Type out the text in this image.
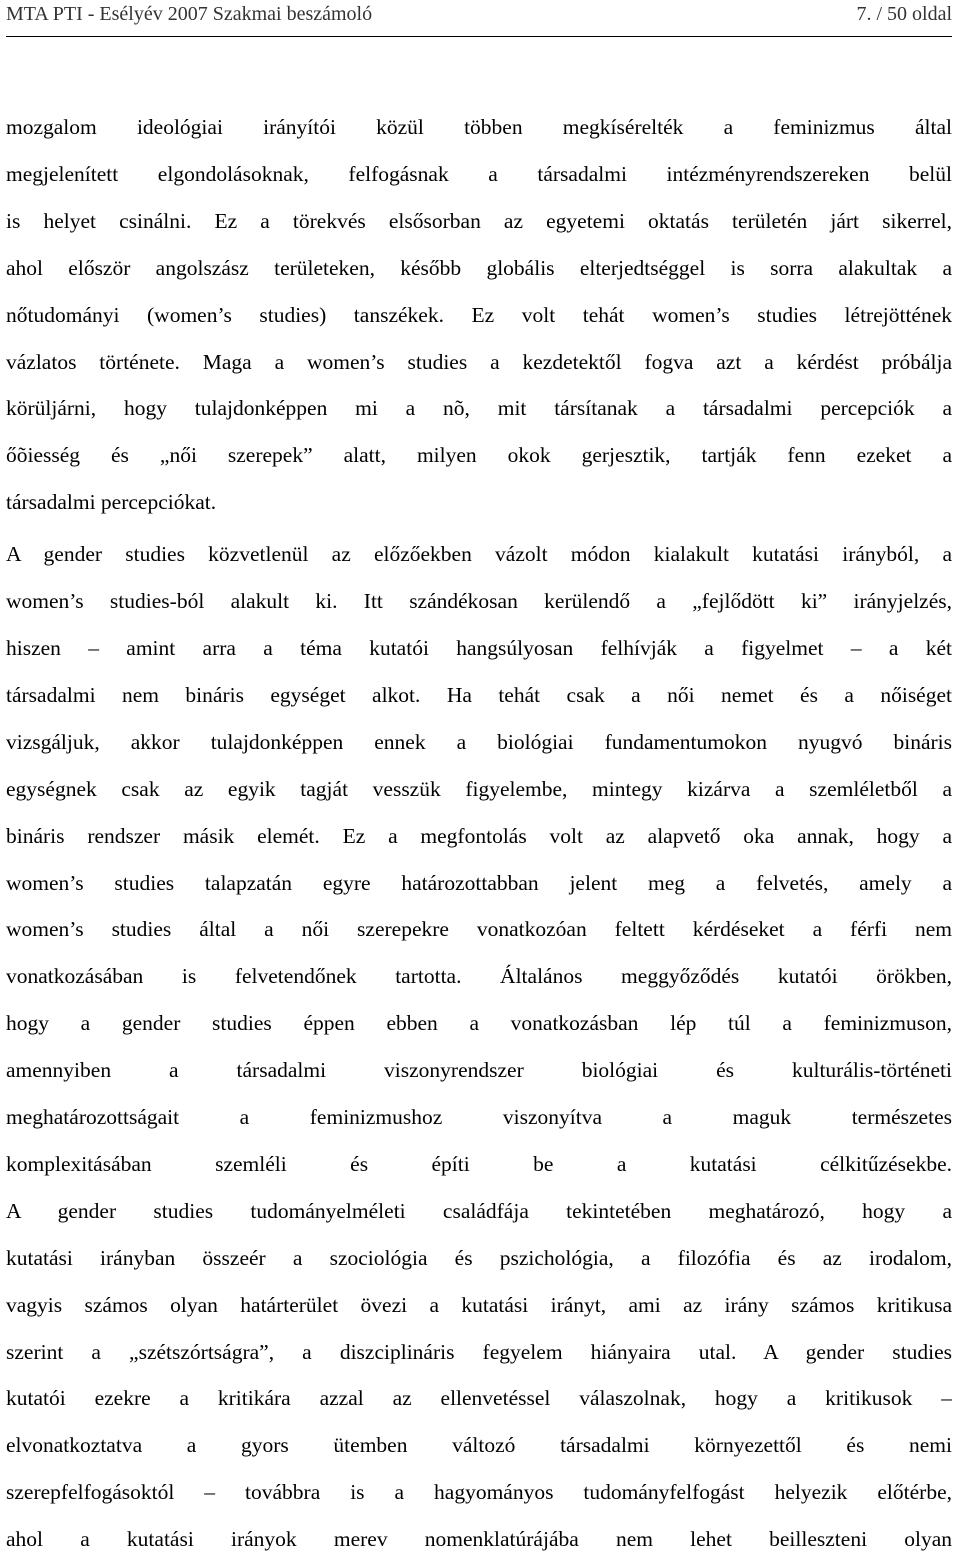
MTA PTI - Esélyév 2007 Szakmai beszámoló	7. / 50 oldal
mozgalom ideológiai irányítói közül többen megkísérelték a feminizmus által
megjelenített elgondolásoknak, felfogásnak a társadalmi intézményrendszereken belül
is helyet csinálni. Ez a törekvés elsősorban az egyetemi oktatás területén járt sikerrel,
ahol először angolszász területeken, később globális elterjedtséggel is sorra alakultak a
nőtudományi (women’s studies) tanszékek. Ez volt tehát women’s studies létrejöttének
vázlatos története. Maga a women’s studies a kezdetektől fogva azt a kérdést próbálja
körüljárni, hogy tulajdonképpen mi a nõ, mit társítanak a társadalmi percepciók a
őõiesség és „női szerepek” alatt, milyen okok gerjesztik, tartják fenn ezeket a
társadalmi percepciókat.
A gender studies közvetlenül az előzőekben vázolt módon kialakult kutatási irányból, a
women’s studies-ból alakult ki. Itt szándékosan kerülendő a „fejlődött ki” irányjelzés,
hiszen – amint arra a téma kutatói hangsúlyosan felhívják a figyelmet – a két
társadalmi nem bináris egységet alkot. Ha tehát csak a női nemet és a nőiséget
vizsgáljuk, akkor tulajdonképpen ennek a biológiai fundamentumokon nyugvó bináris
egységnek csak az egyik tagját vesszük figyelembe, mintegy kizárva a szemléletből a
bináris rendszer másik elemét. Ez a megfontolás volt az alapvető oka annak, hogy a
women’s studies talapzatán egyre határozottabban jelent meg a felvetés, amely a
women’s studies által a női szerepekre vonatkozóan feltett kérdéseket a férfi nem
vonatkozásában is felvetendőnek tartotta. Általános meggyőződés kutatói örökben,
hogy a gender studies éppen ebben a vonatkozásban lép túl a feminizmuson,
amennyiben a társadalmi viszonyrendszer biológiai és kulturális-történeti
meghatározottságait a feminizmushoz viszonyítva a maguk természetes
komplexitásában szemléli és építi be a kutatási célkitűzésekbe.
A gender studies tudományelméleti családfája tekintetében meghatározó, hogy a
kutatási irányban összeér a szociológia és pszichológia, a filozófia és az irodalom,
vagyis számos olyan határterület övezi a kutatási irányt, ami az irány számos kritikusa
szerint a „szétszórtságra”, a diszciplináris fegyelem hiányaira utal. A gender studies
kutatói ezekre a kritikára azzal az ellenvetéssel válaszolnak, hogy a kritikusok –
elvonatkoztatva a gyors ütemben változó társadalmi környezettől és nemi
szerepfelfogásoktól – továbbra is a hagyományos tudományfelfogást helyezik előtérbe,
ahol a kutatási irányok merev nomenklatúrájába nem lehet beilleszteni olyan
